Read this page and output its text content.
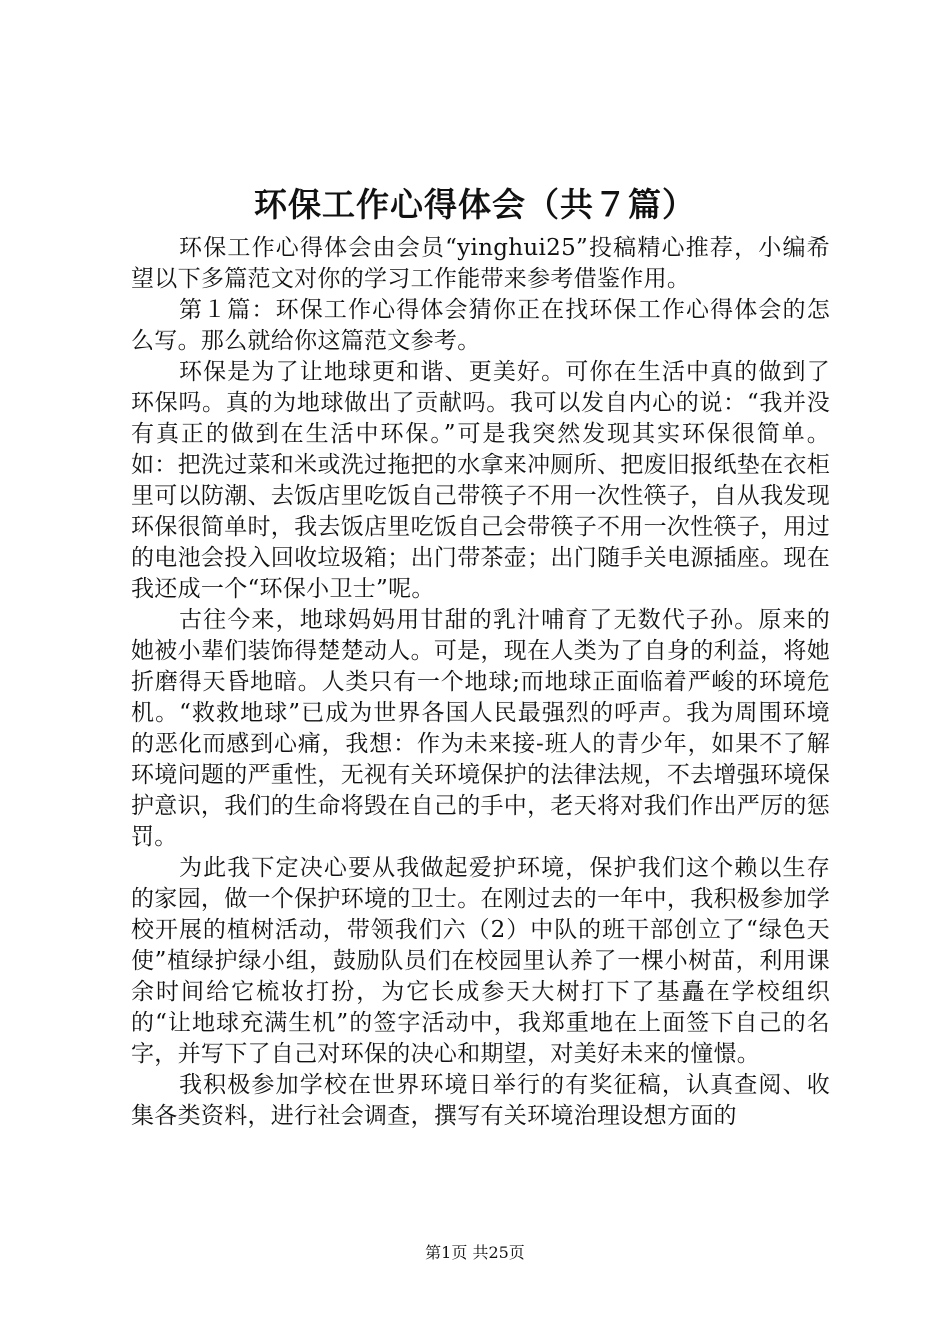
环保工作心得体会（共７篇）

环保工作心得体会由会员“yinghui25”投稿精心推荐，小编希望以下多篇范文对你的学习工作能带来参考借鉴作用。

第１篇：环保工作心得体会猜你正在找环保工作心得体会的怎么写。那么就给你这篇范文参考。

环保是为了让地球更和谐、更美好。可你在生活中真的做到了环保吗。真的为地球做出了贡献吗。我可以发自内心的说：“我并没有真正的做到在生活中环保。”可是我突然发现其实环保很简单。如：把洗过菜和米或洗过拖把的水拿来冲厕所、把废旧报纸垫在衣柜里可以防潮、去饭店里吃饭自己带筷子不用一次性筷子，自从我发现环保很简单时，我去饭店里吃饭自己会带筷子不用一次性筷子，用过的电池会投入回收垃圾箱；出门带茶壶；出门随手关电源插座。现在我还成一个“环保小卫士”呢。

古往今来，地球妈妈用甘甜的乳汁哺育了无数代子孙。原来的她被小辈们装饰得楚楚动人。可是，现在人类为了自身的利益，将她折磨得天昏地暗。人类只有一个地球;而地球正面临着严峻的环境危机。“救救地球”已成为世界各国人民最强烈的呼声。我为周围环境的恶化而感到心痛，我想：作为未来接-班人的青少年，如果不了解环境问题的严重性，无视有关环境保护的法律法规，不去增强环境保护意识，我们的生命将毁在自己的手中，老天将对我们作出严厉的惩罚。

为此我下定决心要从我做起爱护环境，保护我们这个赖以生存的家园，做一个保护环境的卫士。在刚过去的一年中，我积极参加学校开展的植树活动，带领我们六（2）中队的班干部创立了“绿色天使”植绿护绿小组，鼓励队员们在校园里认养了一棵小树苗，利用课余时间给它梳妆打扮，为它长成参天大树打下了基矗在学校组织的“让地球充满生机”的签字活动中，我郑重地在上面签下自己的名字，并写下了自己对环保的决心和期望，对美好未来的憧憬。

我积极参加学校在世界环境日举行的有奖征稿，认真查阅、收集各类资料，进行社会调查，撰写有关环境治理设想方面的

第1页 共25页
